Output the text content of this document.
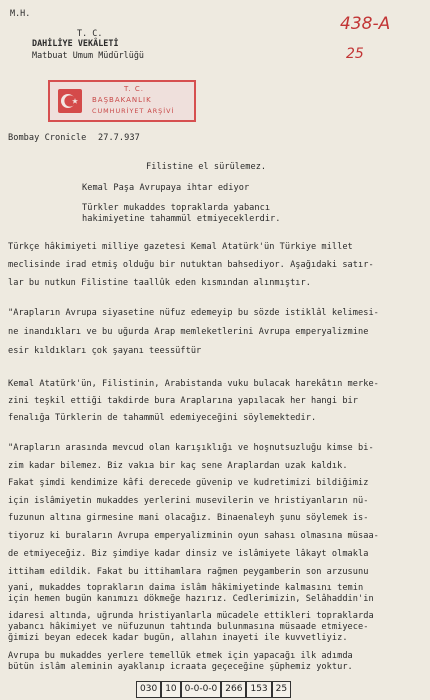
M.H.
T. C.
DAHİLİYE VEKÂLETİ
Matbuat Umum Müdürlüğü
438-A
25
T. C.
BAŞBAKANLIK
CUMHURİYET ARŞİVİ
Bombay Cronicle 27.7.937
Filistine el sürülemez.
Kemal Paşa Avrupaya ihtar ediyor
Türkler mukaddes topraklarda yabancı
hakimiyetine tahammül etmiyeceklerdir.
Türkçe hâkimiyeti milliye gazetesi Kemal Atatürk'ün Türkiye millet
meclisinde irad etmiş olduğu bir nutuktan bahsediyor. Aşağıdaki satır-
lar bu nutkun Filistine taallûk eden kısmından alınmıştır.
"Arapların Avrupa siyasetine nüfuz edemeyip bu sözde istiklâl kelimesi-
ne inandıkları ve bu uğurda Arap memleketlerini Avrupa emperyalizmine
esir kıldıkları çok şayanı teessüftür
Kemal Atatürk'ün, Filistinin, Arabistanda vuku bulacak harekâtın merke-
zini teşkil ettiği takdirde bura Araplarına yapılacak her hangi bir
fenalığa Türklerin de tahammül edemiyeceğini söylemektedir.
"Arapların arasında mevcud olan karışıklığı ve hoşnutsuzluğu kimse bi-
zim kadar bilemez. Biz vakıa bir kaç sene Araplardan uzak kaldık.
Fakat şimdi kendimize kâfi derecede güvenip ve kudretimizi bildiğimiz
için islâmiyetin mukaddes yerlerini musevilerin ve hristiyanların nü-
fuzunun altına girmesine mani olacağız. Binaenaleyh şunu söylemek is-
tiyoruz ki buraların Avrupa emperyalizminin oyun sahası olmasına müsaa-
de etmiyeceğiz. Biz şimdiye kadar dinsiz ve islâmiyete lâkayt olmakla
ittiham edildik. Fakat bu ittihamlara rağmen peygamberin son arzusunu
yani, mukaddes toprakların daima islâm hâkimiyetinde kalmasını temin
için hemen bugün kanımızı dökmeğe hazırız. Cedlerimizin, Selâhaddin'in
idaresi altında, uğrunda hristiyanlarla mücadele ettikleri topraklarda
yabancı hâkimiyet ve nüfuzunun tahtında bulunmasına müsaade etmiyece-
ğimizi beyan edecek kadar bugün, allahın inayeti ile kuvvetliyiz.
Avrupa bu mukaddes yerlere temellük etmek için yapacağı ilk adımda
bütün islâm aleminin ayaklanıp icraata geçeceğine şüphemiz yoktur.
030 10 0-0-0-0 266 153 25
